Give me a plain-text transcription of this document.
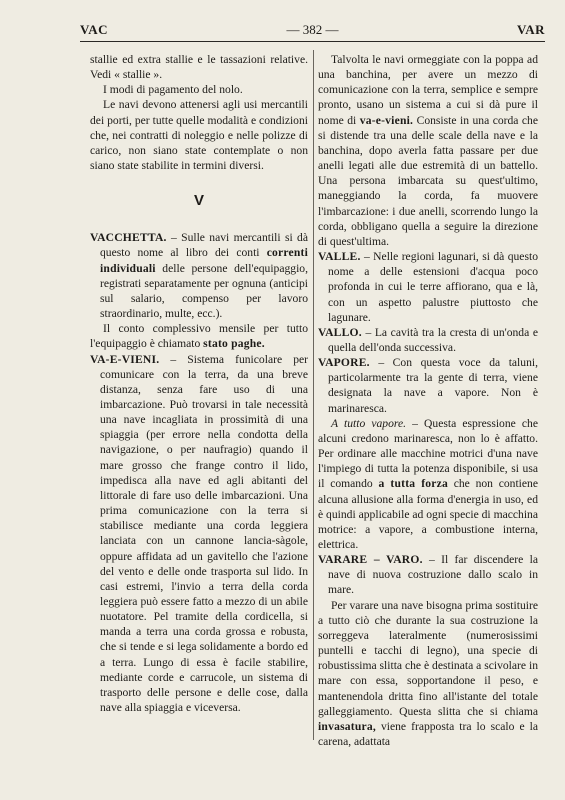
VAC	— 382 —	VAR

stallie ed extra stallie e le tassazioni relative. Vedi « stallie ».

I modi di pagamento del nolo.

Le navi devono attenersi agli usi mercantili dei porti, per tutte quelle modalità e condizioni che, nei contratti di noleggio e nelle polizze di carico, non siano state contemplate o non siano state stabilite in termini diversi.

V

VACCHETTA. – Sulle navi mercantili si dà questo nome al libro dei conti correnti individuali delle persone dell'equipaggio, registrati separatamente per ognuna (anticipi sul salario, compenso per lavoro straordinario, multe, ecc.).

Il conto complessivo mensile per tutto l'equipaggio è chiamato stato paghe.

VA-E-VIENI. – Sistema funicolare per comunicare con la terra, da una breve distanza, senza fare uso di una imbarcazione. Può trovarsi in tale necessità una nave incagliata in prossimità di una spiaggia (per errore nella condotta della navigazione, o per naufragio) quando il mare grosso che frange contro il lido, impedisca alla nave ed agli abitanti del littorale di fare uso delle imbarcazioni. Una prima comunicazione con la terra si stabilisce mediante una corda leggiera lanciata con un cannone lancia-sàgole, oppure affidata ad un gavitello che l'azione del vento e delle onde trasporta sul lido. In casi estremi, l'invio a terra della corda leggiera può essere fatto a mezzo di un abile nuotatore. Pel tramite della cordicella, si manda a terra una corda grossa e robusta, che si tende e si lega solidamente a bordo ed a terra. Lungo di essa è facile stabilire, mediante corde e carrucole, un sistema di trasporto delle persone e delle cose, dalla nave alla spiaggia e viceversa.

Talvolta le navi ormeggiate con la poppa ad una banchina, per avere un mezzo di comunicazione con la terra, semplice e sempre pronto, usano un sistema a cui si dà pure il nome di va-e-vieni. Consiste in una corda che si distende tra una delle scale della nave e la banchina, dopo averla fatta passare per due anelli legati alle due estremità di un battello. Una persona imbarcata su quest'ultimo, maneggiando la corda, fa muovere l'imbarcazione: i due anelli, scorrendo lungo la corda, obbligano quella a seguire la direzione di quest'ultima.

VALLE. – Nelle regioni lagunari, si dà questo nome a delle estensioni d'acqua poco profonda in cui le terre affiorano, qua e là, con un aspetto palustre piuttosto che lagunare.

VALLO. – La cavità tra la cresta di un'onda e quella dell'onda successiva.

VAPORE. – Con questa voce da taluni, particolarmente tra la gente di terra, viene designata la nave a vapore. Non è marinaresca.

A tutto vapore. – Questa espressione che alcuni credono marinaresca, non lo è affatto. Per ordinare alle macchine motrici d'una nave l'impiego di tutta la potenza disponibile, si usa il comando a tutta forza che non contiene alcuna allusione alla forma d'energia in uso, ed è quindi applicabile ad ogni specie di macchina motrice: a vapore, a combustione interna, elettrica.

VARARE – VARO. – Il far discendere la nave di nuova costruzione dallo scalo in mare.

Per varare una nave bisogna prima sostituire a tutto ciò che durante la sua costruzione la sorreggeva lateralmente (numerosissimi puntelli e tacchi di legno), una specie di robustissima slitta che è destinata a scivolare in mare con essa, sopportandone il peso, e mantenendola dritta fino all'istante del totale galleggiamento. Questa slitta che si chiama invasatura, viene frapposta tra lo scalo e la carena, adattata
